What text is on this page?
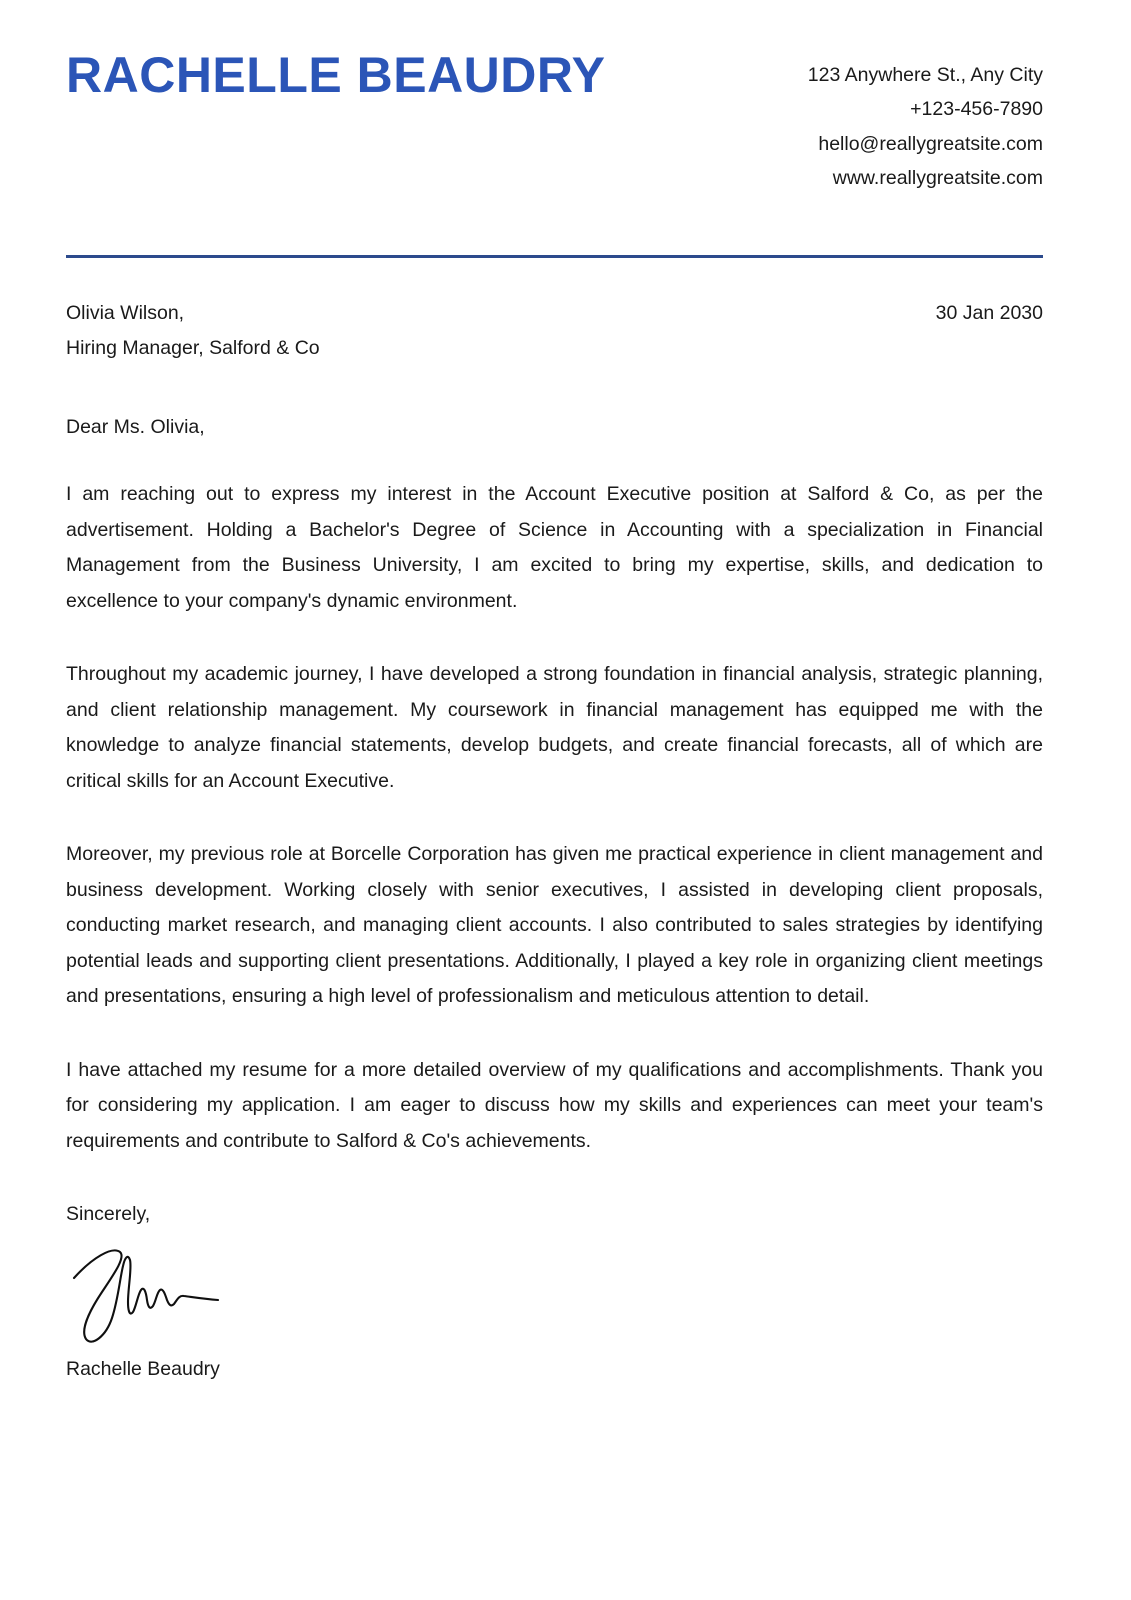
RACHELLE BEAUDRY	123 Anywhere St., Any City
+123-456-7890
hello@reallygreatsite.com
www.reallygreatsite.com
Olivia Wilson,
Hiring Manager, Salford & Co
30 Jan 2030
Dear Ms. Olivia,

I am reaching out to express my interest in the Account Executive position at Salford & Co, as per the advertisement. Holding a Bachelor's Degree of Science in Accounting with a specialization in Financial Management from the Business University, I am excited to bring my expertise, skills, and dedication to excellence to your company's dynamic environment.

Throughout my academic journey, I have developed a strong foundation in financial analysis, strategic planning, and client relationship management. My coursework in financial management has equipped me with the knowledge to analyze financial statements, develop budgets, and create financial forecasts, all of which are critical skills for an Account Executive.

Moreover, my previous role at Borcelle Corporation has given me practical experience in client management and business development. Working closely with senior executives, I assisted in developing client proposals, conducting market research, and managing client accounts. I also contributed to sales strategies by identifying potential leads and supporting client presentations. Additionally, I played a key role in organizing client meetings and presentations, ensuring a high level of professionalism and meticulous attention to detail.

I have attached my resume for a more detailed overview of my qualifications and accomplishments. Thank you for considering my application. I am eager to discuss how my skills and experiences can meet your team's requirements and contribute to Salford & Co's achievements.

Sincerely,
Rachelle Beaudry
